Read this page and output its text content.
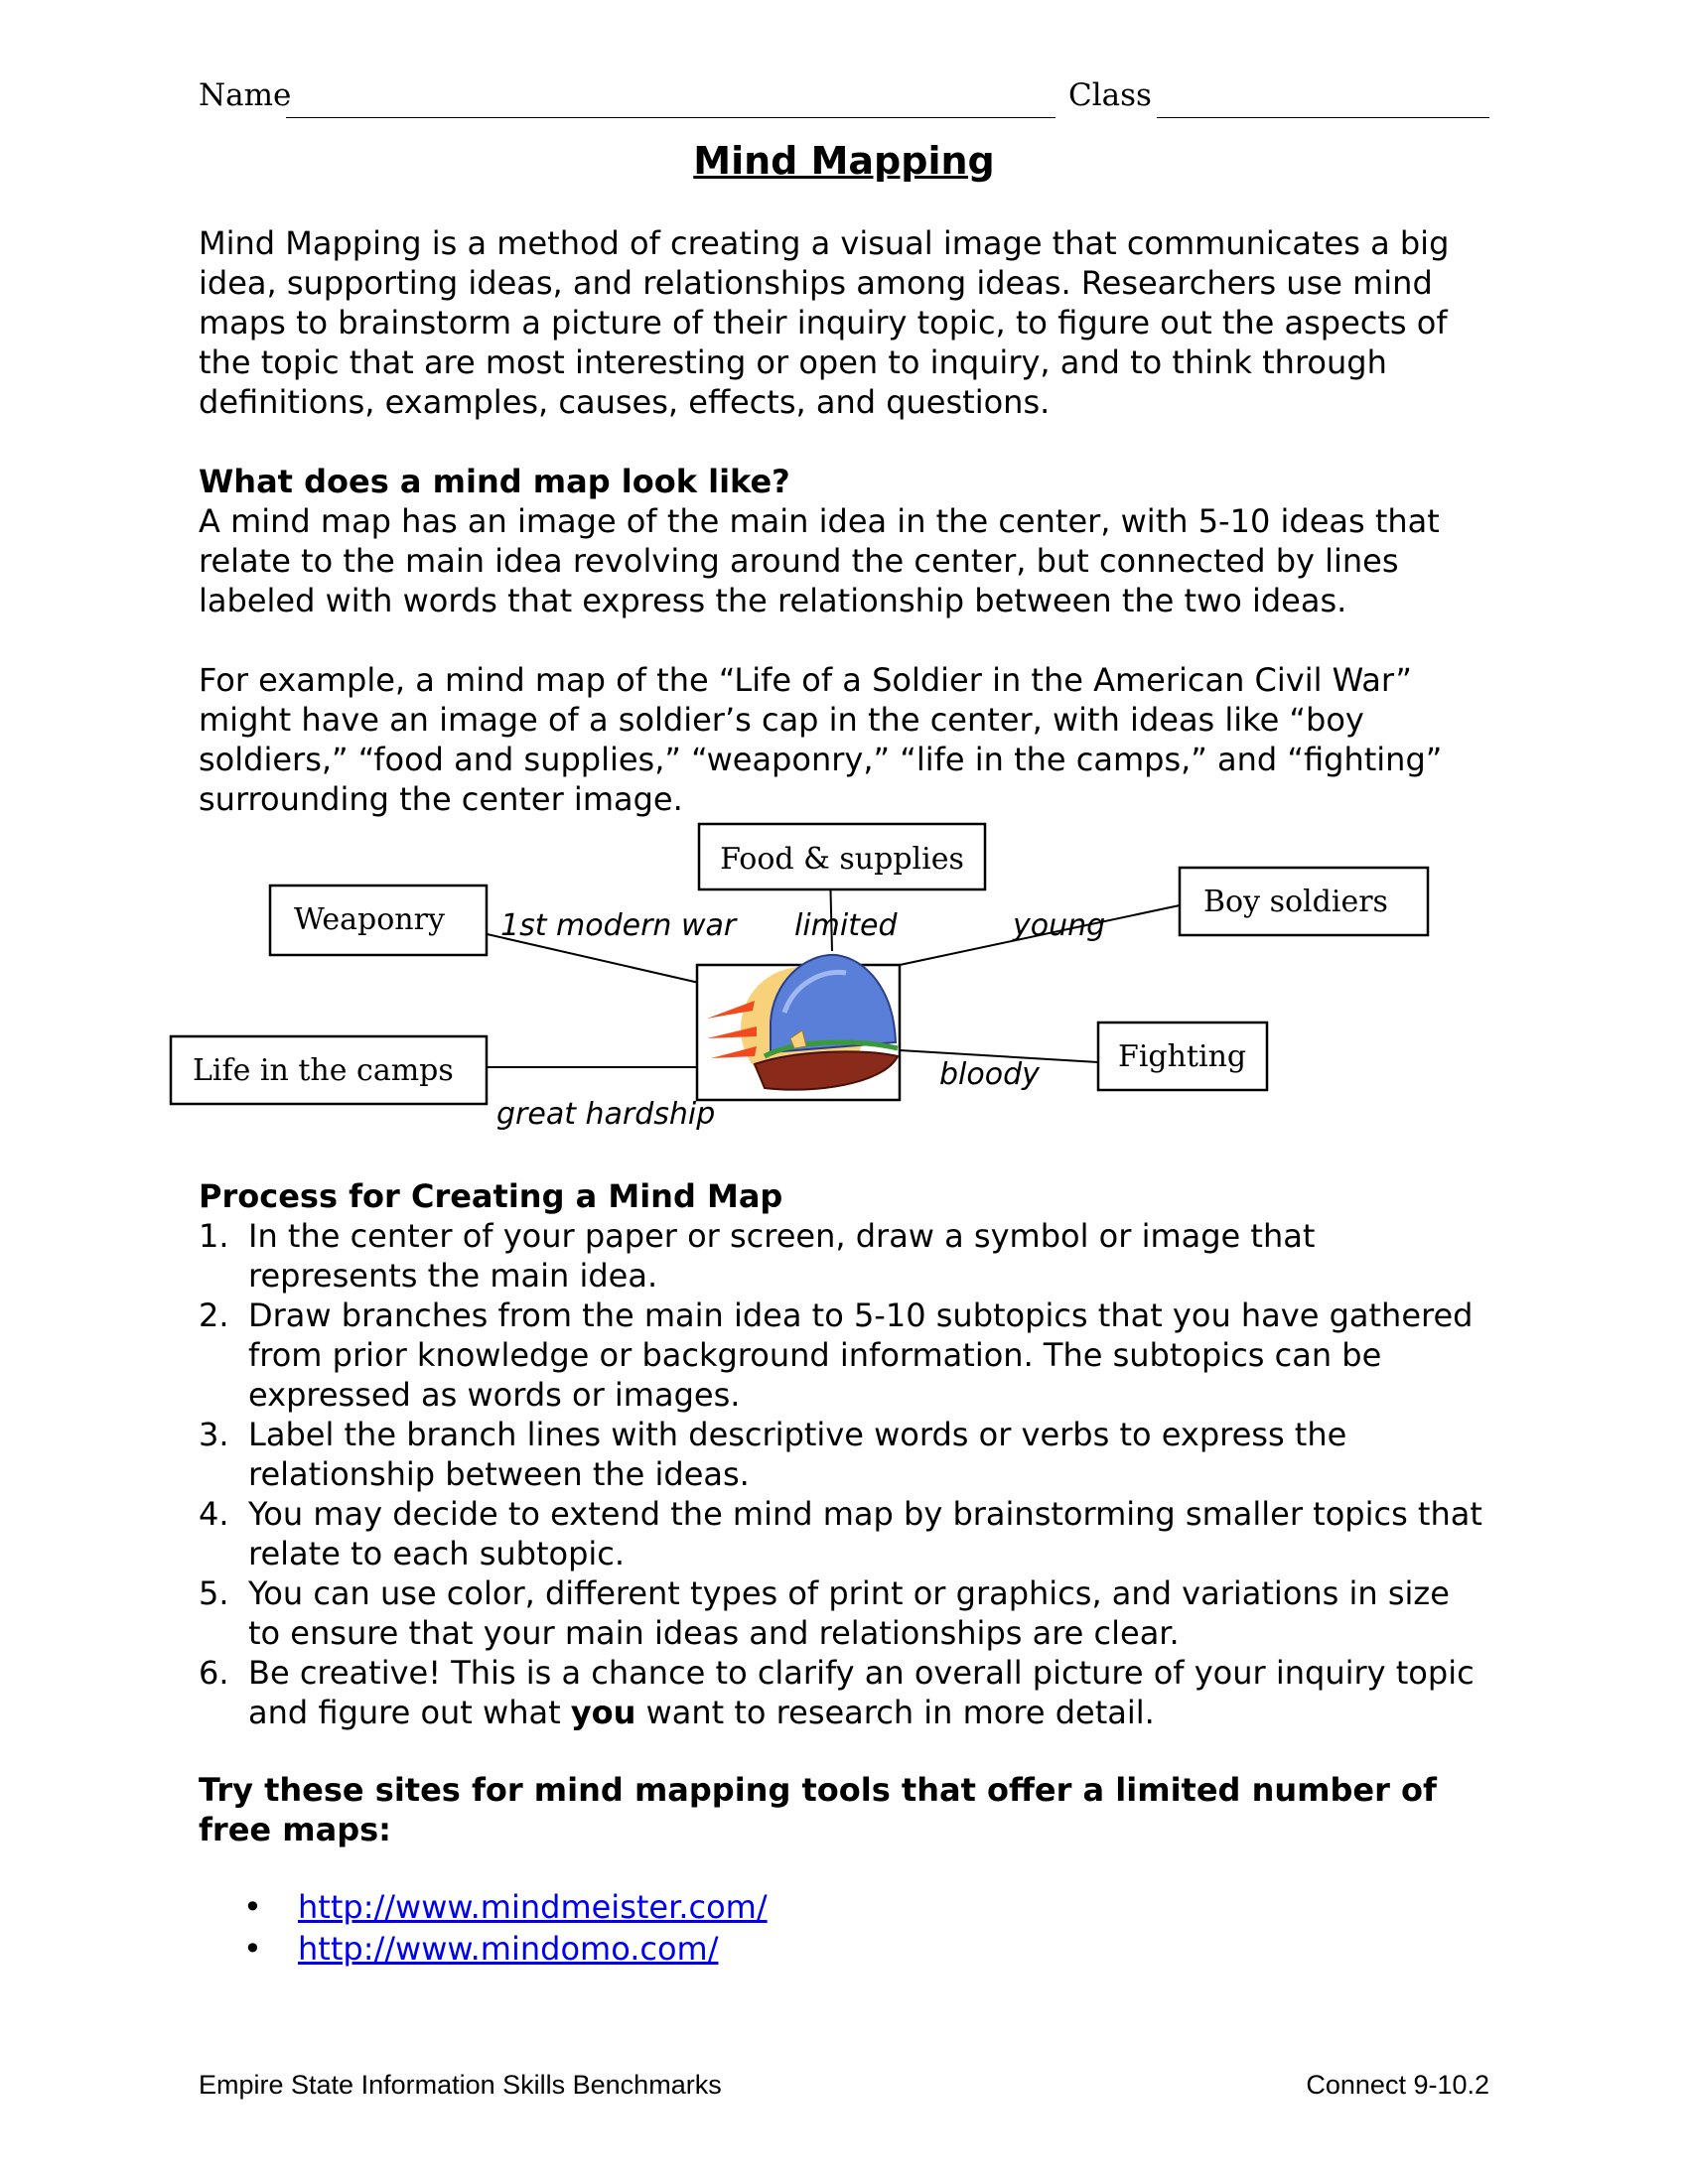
Name	Class
Mind Mapping

Mind Mapping is a method of creating a visual image that communicates a big idea, supporting ideas, and relationships among ideas. Researchers use mind maps to brainstorm a picture of their inquiry topic, to figure out the aspects of the topic that are most interesting or open to inquiry, and to think through definitions, examples, causes, effects, and questions.

What does a mind map look like?

A mind map has an image of the main idea in the center, with 5-10 ideas that relate to the main idea revolving around the center, but connected by lines labeled with words that express the relationship between the two ideas.

For example, a mind map of the “Life of a Soldier in the American Civil War” might have an image of a soldier’s cap in the center, with ideas like “boy soldiers,” “food and supplies,” “weaponry,” “life in the camps,” and “fighting” surrounding the center image.

Food & supplies
Weaponry
Boy soldiers
Life in the camps	Fighting
1st modern war limited	young
bloody
great hardship

Process for Creating a Mind Map

1. In the center of your paper or screen, draw a symbol or image that represents the main idea.
2. Draw branches from the main idea to 5-10 subtopics that you have gathered from prior knowledge or background information. The subtopics can be expressed as words or images.
3. Label the branch lines with descriptive words or verbs to express the relationship between the ideas.
4. You may decide to extend the mind map by brainstorming smaller topics that relate to each subtopic.
5. You can use color, different types of print or graphics, and variations in size to ensure that your main ideas and relationships are clear.
6. Be creative! This is a chance to clarify an overall picture of your inquiry topic and figure out what you want to research in more detail.

Try these sites for mind mapping tools that offer a limited number of free maps:

• http://www.mindmeister.com/
• http://www.mindomo.com/
Empire State Information Skills Benchmarks	Connect 9-10.2
